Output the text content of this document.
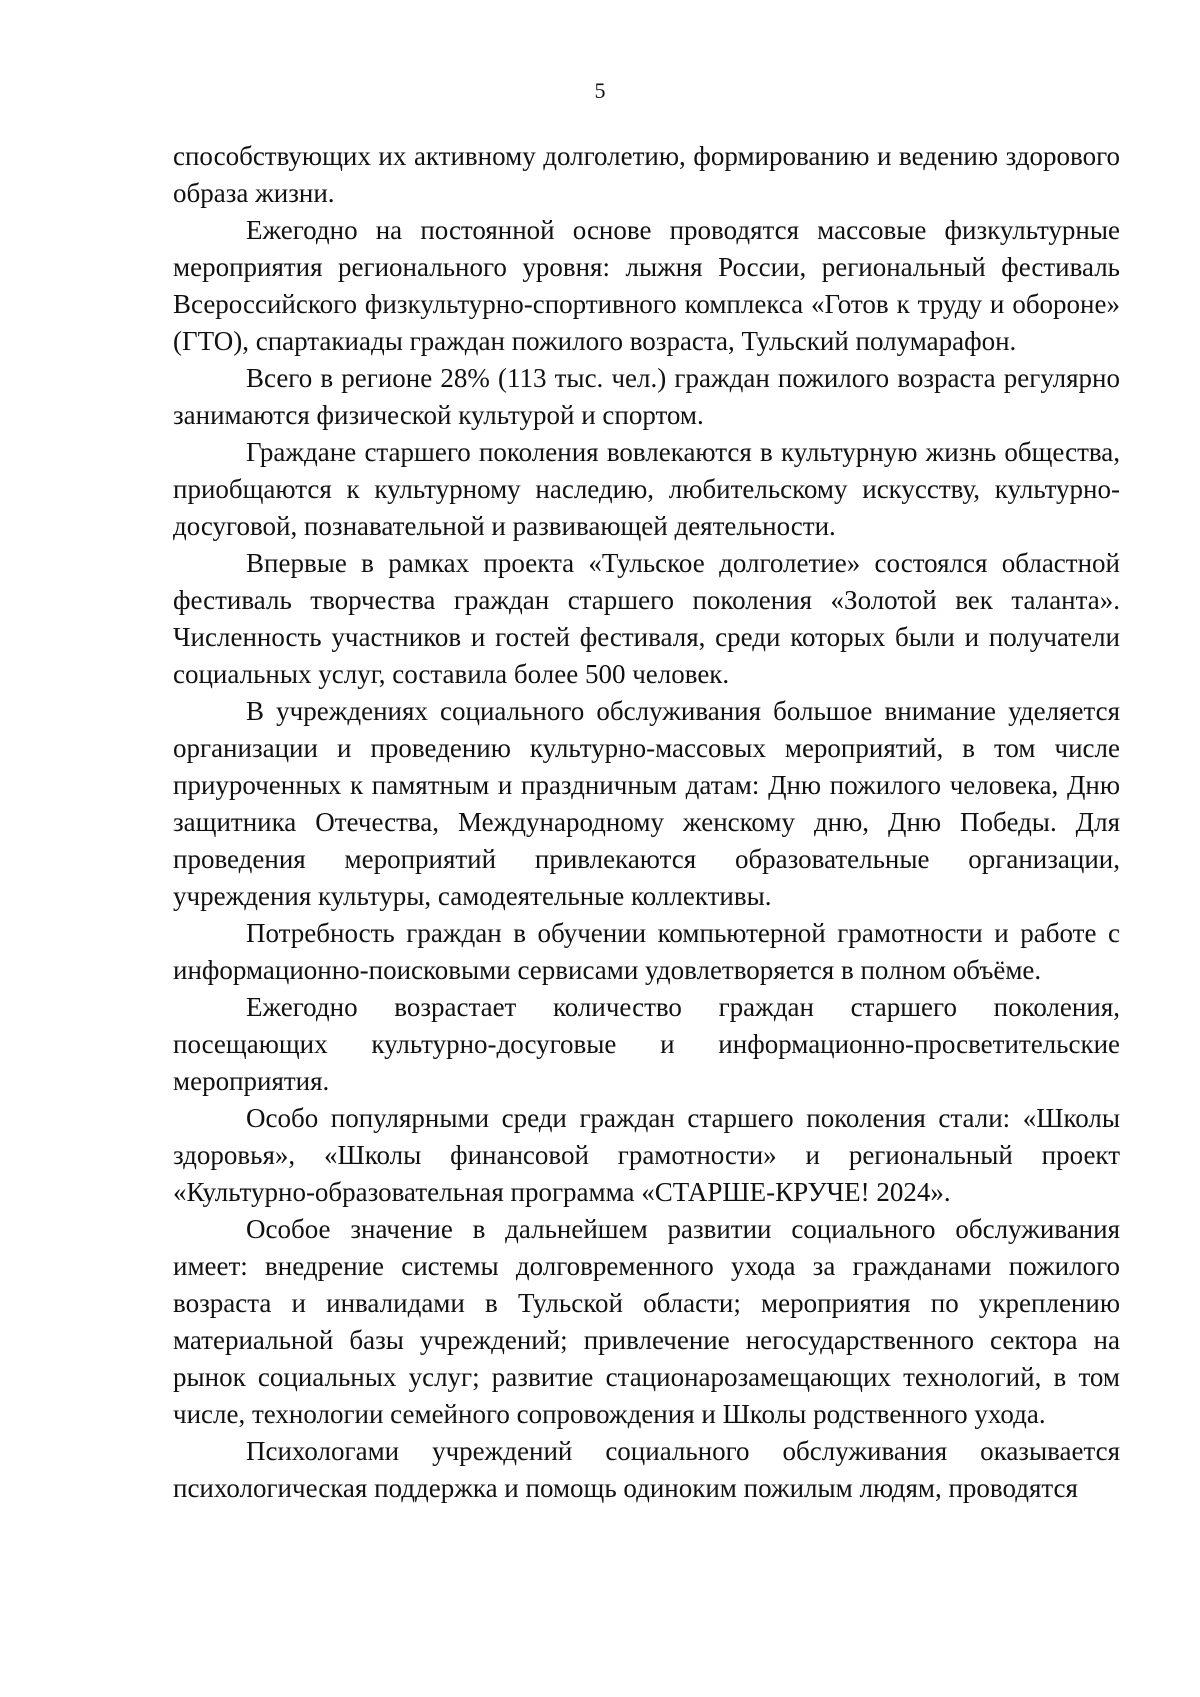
5

способствующих их активному долголетию, формированию и ведению здорового образа жизни.

Ежегодно на постоянной основе проводятся массовые физкультурные мероприятия регионального уровня: лыжня России, региональный фестиваль Всероссийского физкультурно-спортивного комплекса «Готов к труду и обороне» (ГТО), спартакиады граждан пожилого возраста, Тульский полумарафон.

Всего в регионе 28% (113 тыс. чел.) граждан пожилого возраста регулярно занимаются физической культурой и спортом.

Граждане старшего поколения вовлекаются в культурную жизнь общества, приобщаются к культурному наследию, любительскому искусству, культурно-досуговой, познавательной и развивающей деятельности.

Впервые в рамках проекта «Тульское долголетие» состоялся областной фестиваль творчества граждан старшего поколения «Золотой век таланта». Численность участников и гостей фестиваля, среди которых были и получатели социальных услуг, составила более 500 человек.

В учреждениях социального обслуживания большое внимание уделяется организации и проведению культурно-массовых мероприятий, в том числе приуроченных к памятным и праздничным датам: Дню пожилого человека, Дню защитника Отечества, Международному женскому дню, Дню Победы. Для проведения мероприятий привлекаются образовательные организации, учреждения культуры, самодеятельные коллективы.

Потребность граждан в обучении компьютерной грамотности и работе с информационно-поисковыми сервисами удовлетворяется в полном объёме.

Ежегодно возрастает количество граждан старшего поколения, посещающих культурно-досуговые и информационно-просветительские мероприятия.

Особо популярными среди граждан старшего поколения стали: «Школы здоровья», «Школы финансовой грамотности» и региональный проект «Культурно-образовательная программа «СТАРШЕ-КРУЧЕ! 2024».

Особое значение в дальнейшем развитии социального обслуживания имеет: внедрение системы долговременного ухода за гражданами пожилого возраста и инвалидами в Тульской области; мероприятия по укреплению материальной базы учреждений; привлечение негосударственного сектора на рынок социальных услуг; развитие стационарозамещающих технологий, в том числе, технологии семейного сопровождения и Школы родственного ухода.

Психологами учреждений социального обслуживания оказывается психологическая поддержка и помощь одиноким пожилым людям, проводятся
